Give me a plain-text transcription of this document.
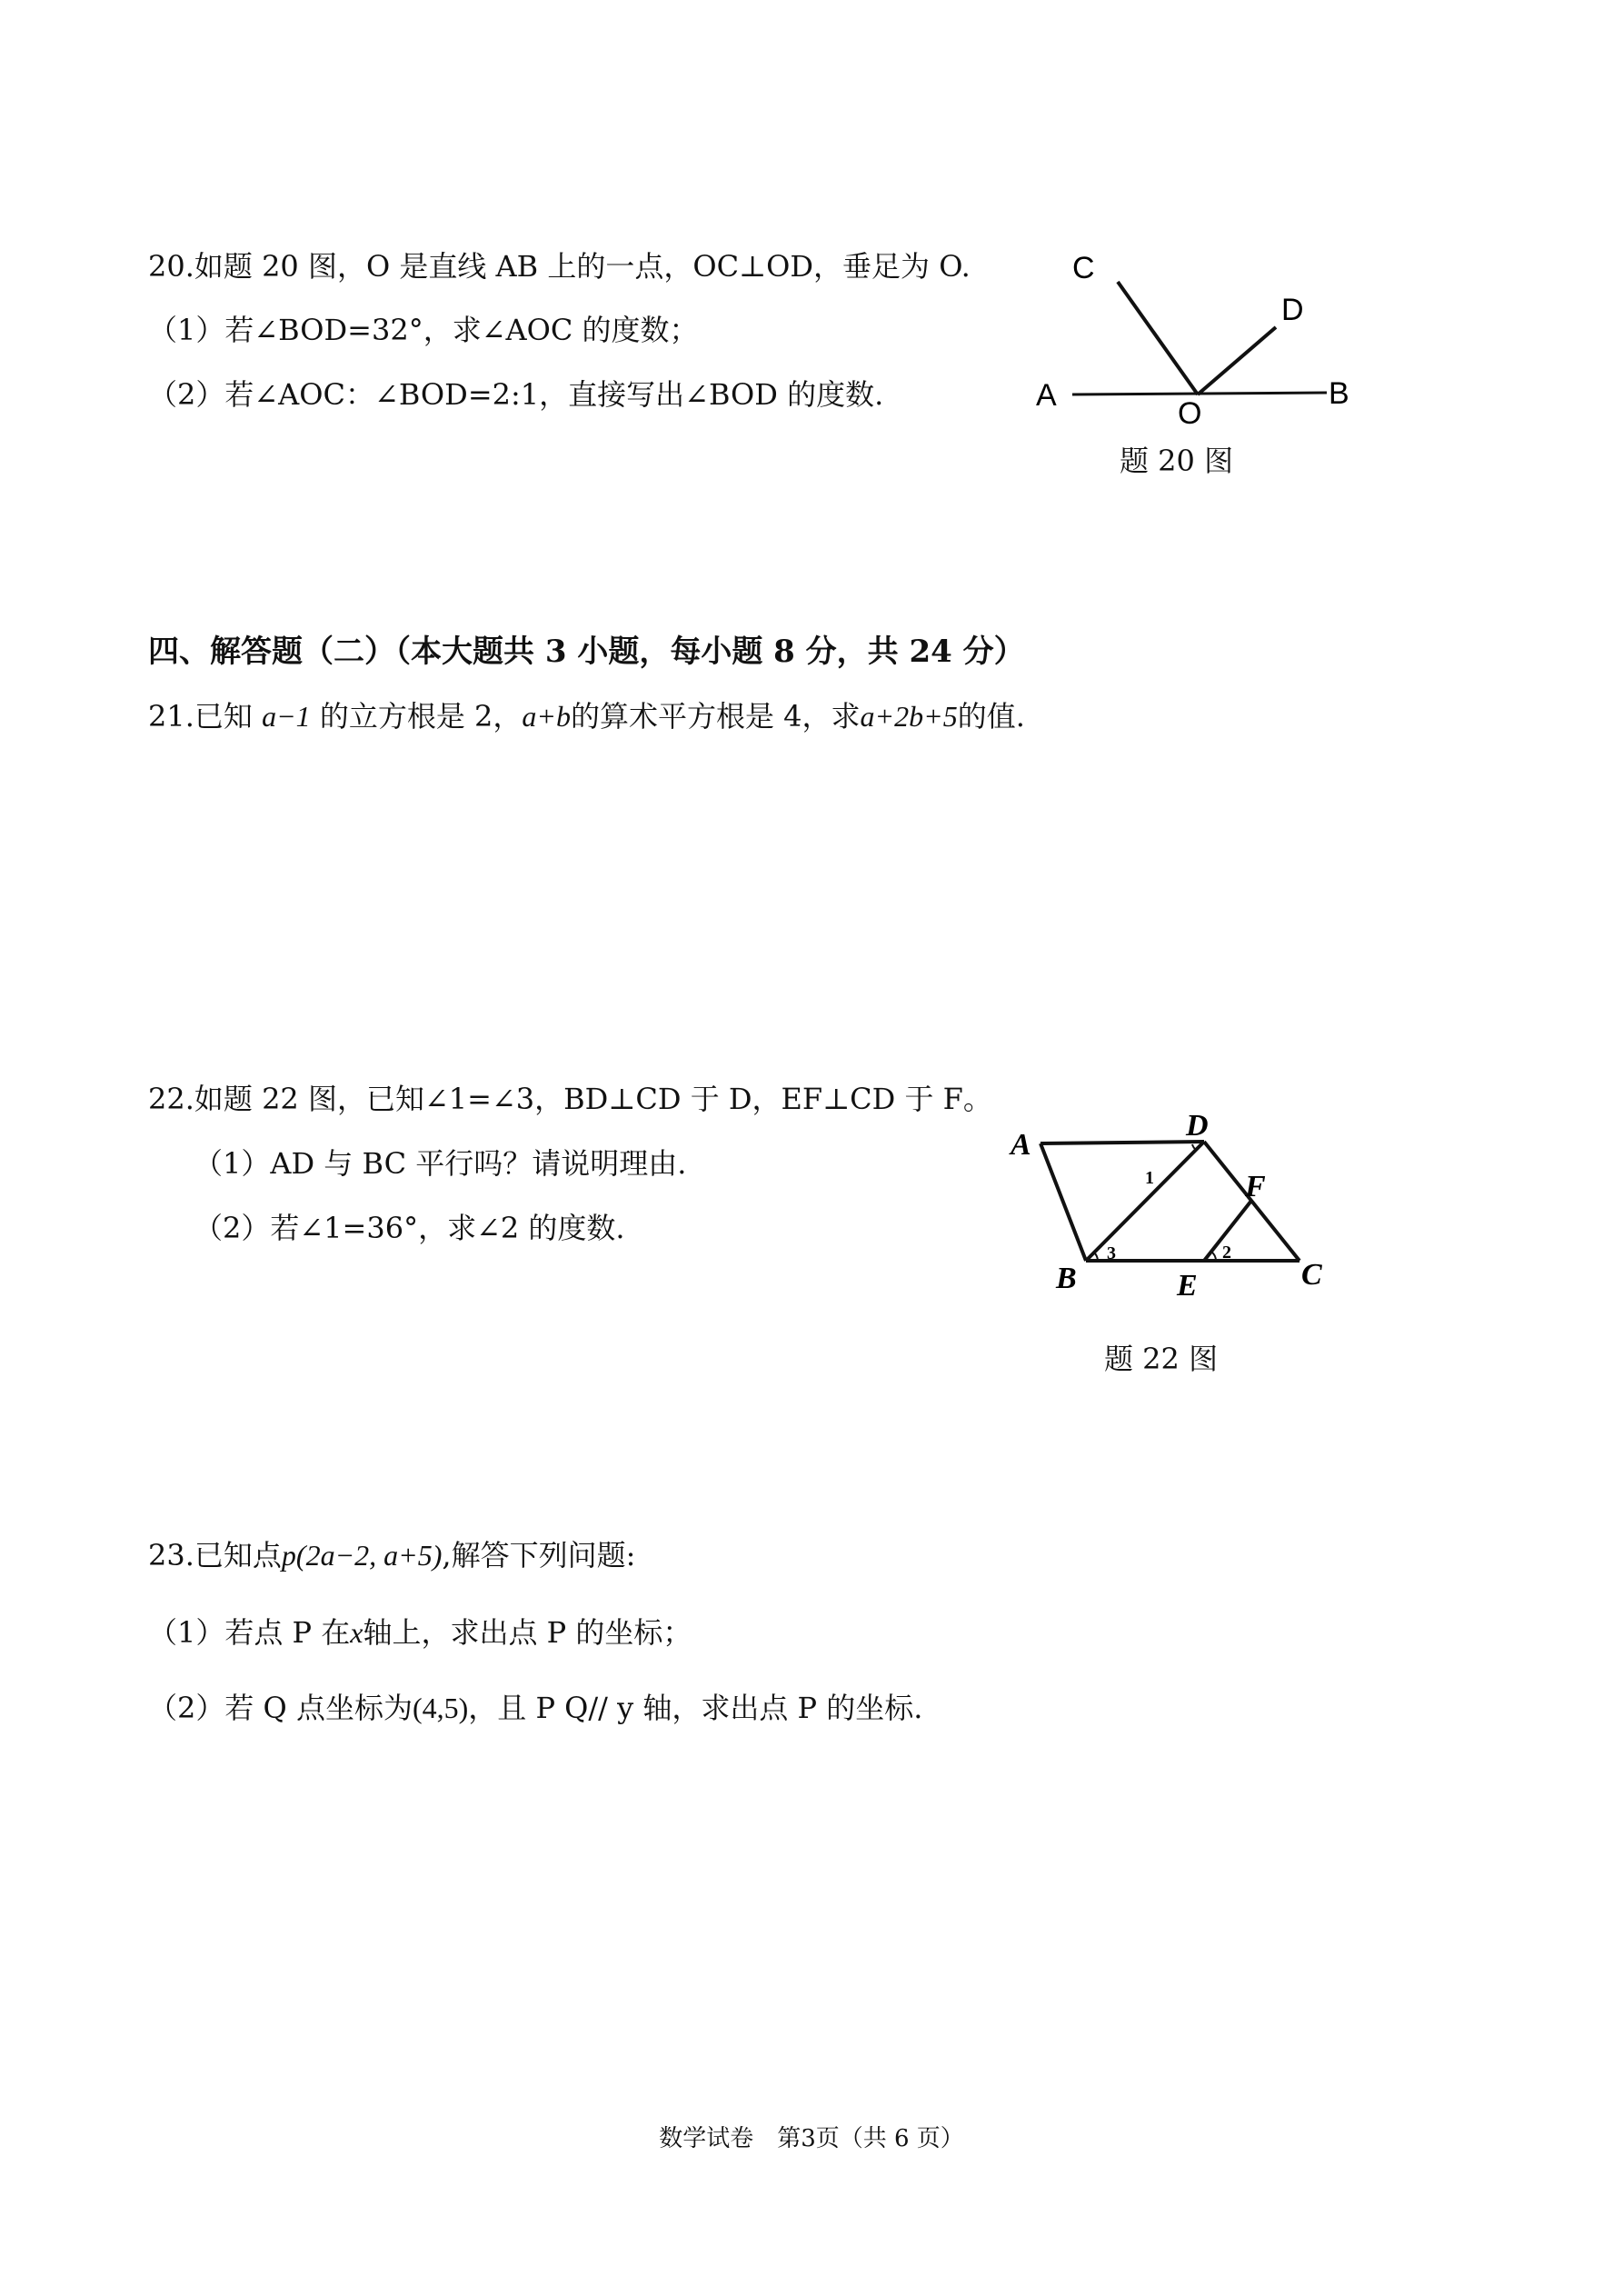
20.如题 20 图，O 是直线 AB 上的一点，OC⊥OD，垂足为 O.
（1）若∠BOD=32°，求∠AOC 的度数；
（2）若∠AOC：∠BOD=2:1，直接写出∠BOD 的度数.	A	B
C
D
O
题 20 图
四、解答题（二）（本大题共 3 小题，每小题 8 分，共 24 分）
21.已知 a−1 的立方根是 2，a+b的算术平方根是 4，求a+2b+5的值.
22.如题 22 图，已知∠1=∠3，BD⊥CD 于 D，EF⊥CD 于 F。
（1）AD 与 BC 平行吗？请说明理由.
（2）若∠1=36°，求∠2 的度数.
A
D
F
B	E	C
1
3	2
题 22 图
23.已知点p(2a−2, a+5),解答下列问题:
（1）若点 P 在x轴上，求出点 P 的坐标；
（2）若 Q 点坐标为(4,5)，且 P Q// y 轴，求出点 P 的坐标.
数学试卷　第3页（共 6 页）
